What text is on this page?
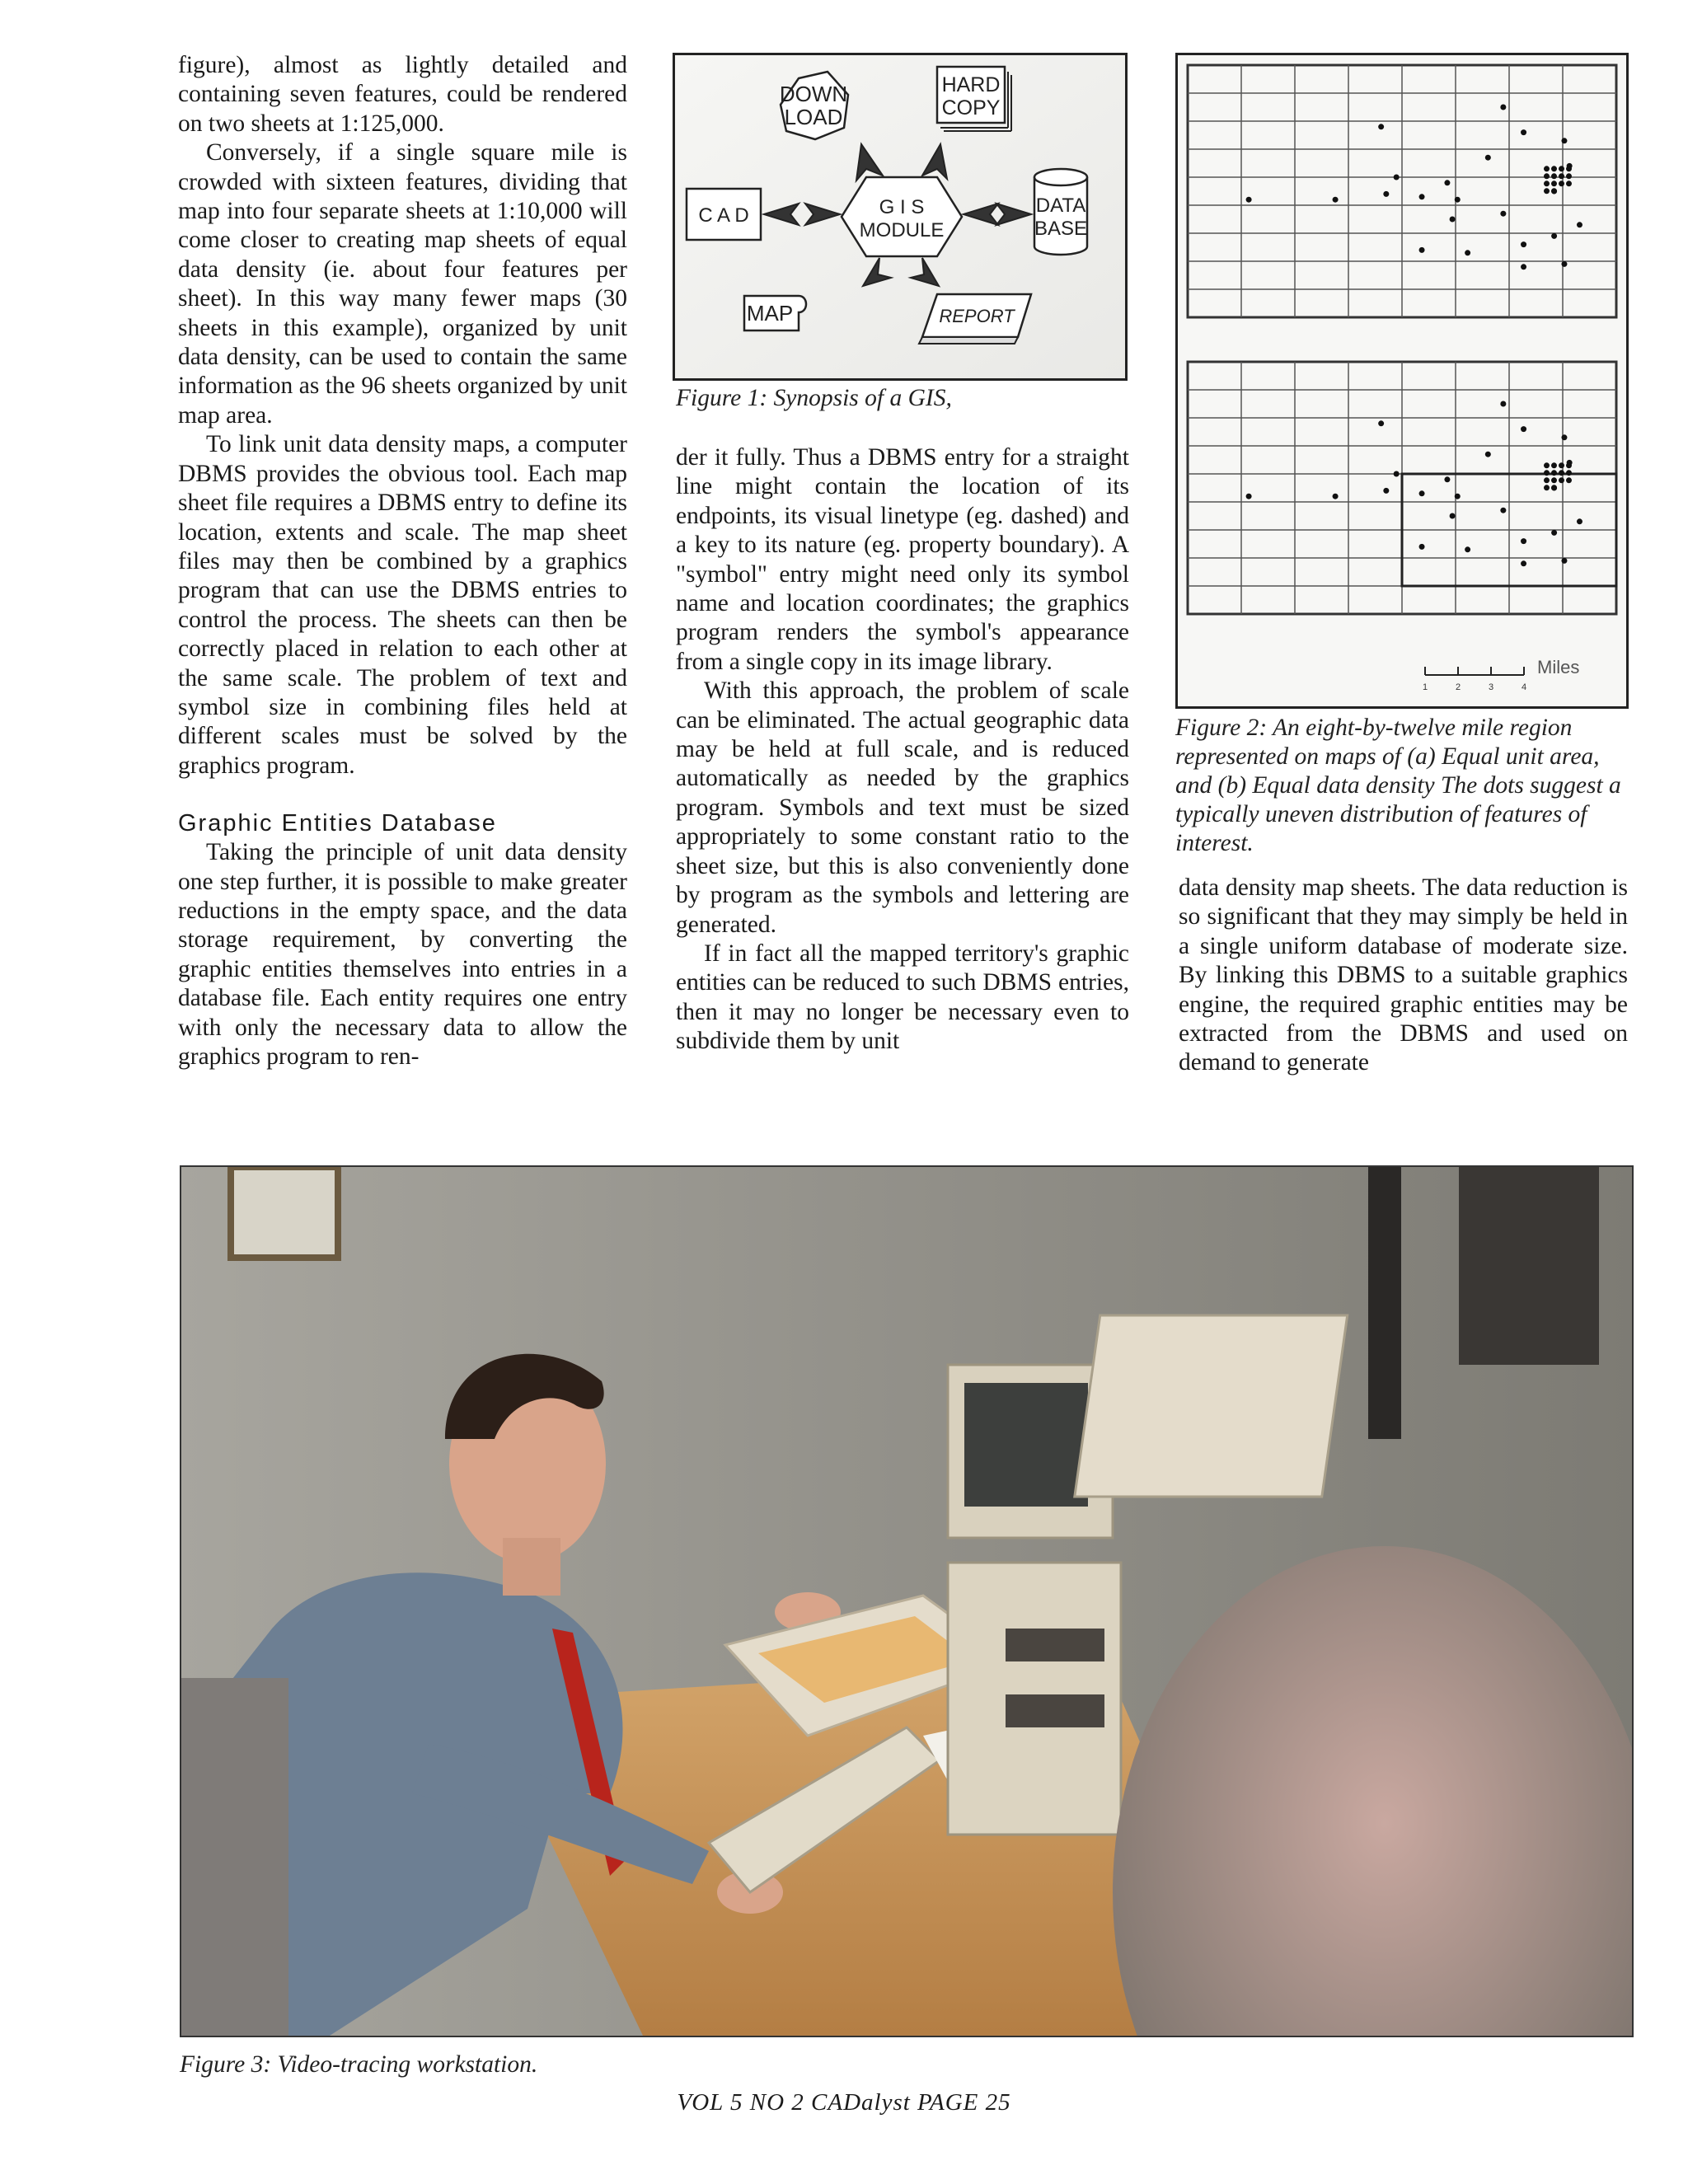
figure), almost as lightly detailed and containing seven features, could be rendered on two sheets at 1:125,000.

Conversely, if a single square mile is crowded with sixteen features, dividing that map into four separate sheets at 1:10,000 will come closer to creating map sheets of equal data density (ie. about four features per sheet). In this way many fewer maps (30 sheets in this example), organized by unit data density, can be used to contain the same information as the 96 sheets organized by unit map area.

To link unit data density maps, a computer DBMS provides the obvious tool. Each map sheet file requires a DBMS entry to define its location, extents and scale. The map sheet files may then be combined by a graphics program that can use the DBMS entries to control the process. The sheets can then be correctly placed in relation to each other at the same scale. The problem of text and symbol size in combining files held at different scales must be solved by the graphics program.

Graphic Entities Database

Taking the principle of unit data density one step further, it is possible to make greater reductions in the empty space, and the data storage requirement, by converting the graphic entities themselves into entries in a database file. Each entity requires one entry with only the necessary data to allow the graphics program to ren-

DOWN
LOAD
HARD
COPY
C A D	G I S
MODULE
DATA
BASE
MAP	REPORT
Figure 1: Synopsis of a GIS,

der it fully. Thus a DBMS entry for a straight line might contain the location of its endpoints, its visual linetype (eg. dashed) and a key to its nature (eg. property boundary). A "symbol" entry might need only its symbol name and location coordinates; the graphics program renders the symbol's appearance from a single copy in its image library.

With this approach, the problem of scale can be eliminated. The actual geographic data may be held at full scale, and is reduced automatically as needed by the graphics program. Symbols and text must be sized appropriately to some constant ratio to the sheet size, but this is also conveniently done by program as the symbols and lettering are generated.

If in fact all the mapped territory's graphic entities can be reduced to such DBMS entries, then it may no longer be necessary even to subdivide them by unit

1	2	3	4
Miles
Figure 2: An eight-by-twelve mile region represented on maps of (a) Equal unit area, and (b) Equal data density The dots suggest a typically uneven distribution of features of interest.

data density map sheets. The data reduction is so significant that they may simply be held in a single uniform database of moderate size. By linking this DBMS to a suitable graphics engine, the required graphic entities may be extracted from the DBMS and used on demand to generate

Figure 3: Video-tracing workstation.
VOL 5 NO 2 CADalyst PAGE 25
